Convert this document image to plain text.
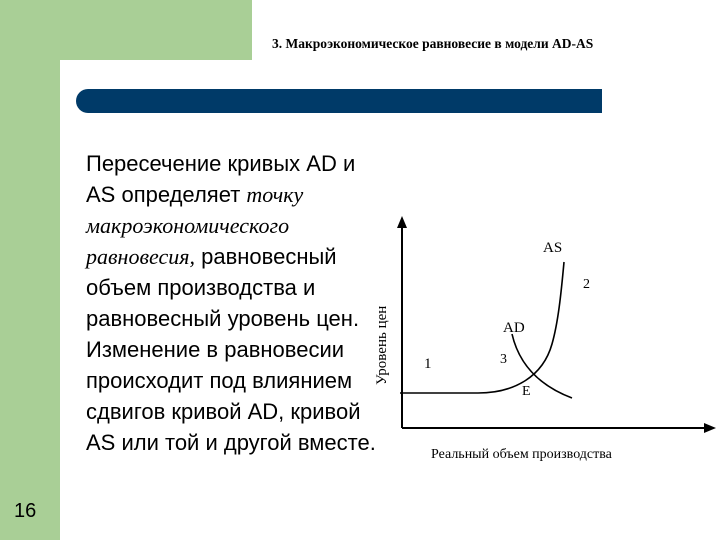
3. Макроэкономическое равновесие в модели AD-AS
Пересечение кривых AD и AS определяет точку макроэкономического равновесия, равновесный объем производства и равновесный уровень цен. Изменение в равновесии происходит под влиянием сдвигов кривой AD, кривой AS или той и другой вместе.
AS
AD
E
1
2
3
Реальный объем производства
Уровень цен
16
